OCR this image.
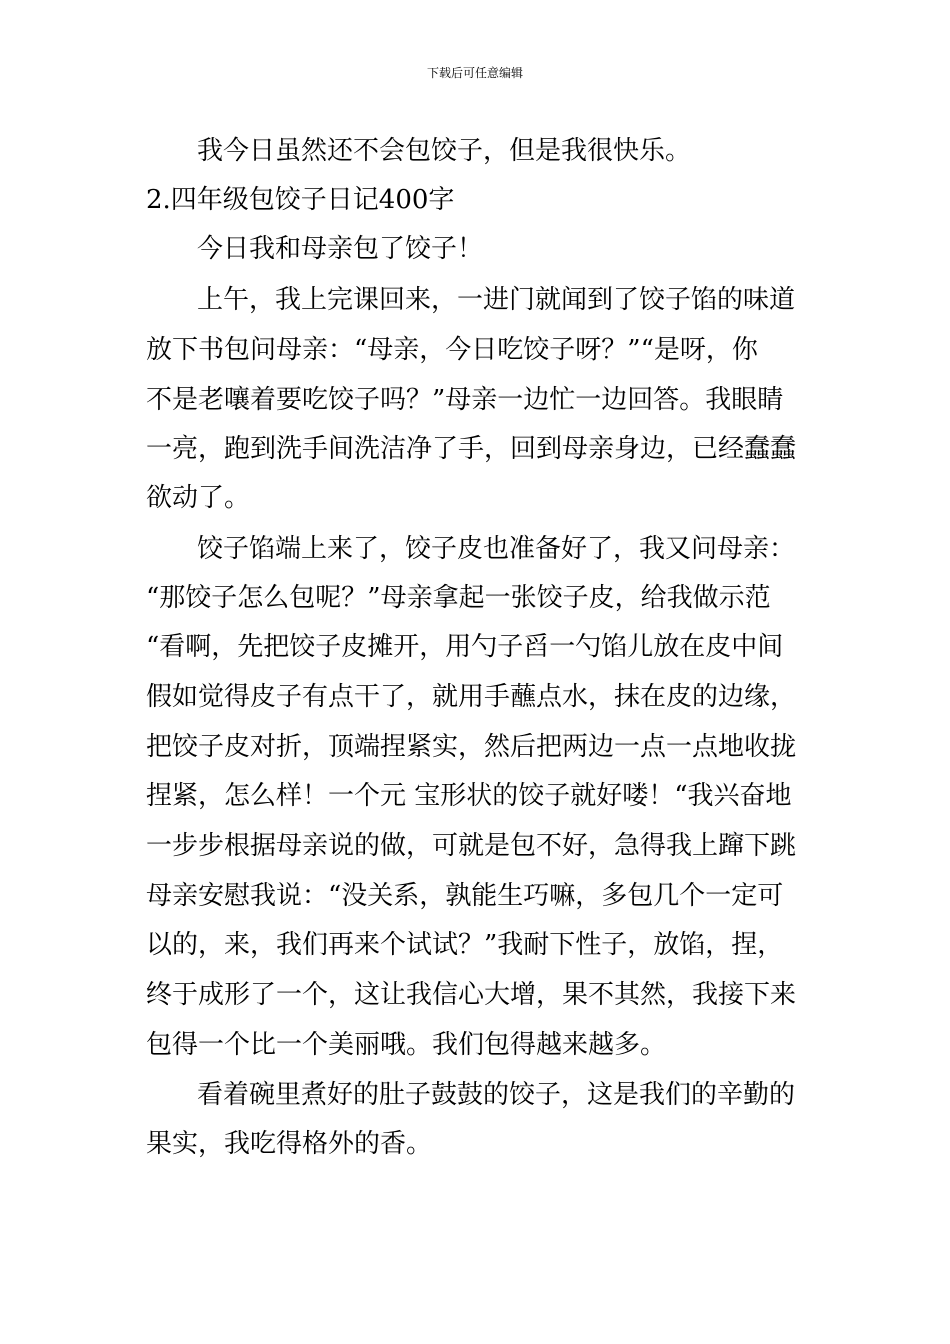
下载后可任意编辑
我今日虽然还不会包饺子，但是我很快乐。
2.四年级包饺子日记400字
今日我和母亲包了饺子！
上午，我上完课回来，一进门就闻到了饺子馅的味道
放下书包问母亲：“母亲，今日吃饺子呀？”“是呀，你
不是老嚷着要吃饺子吗？”母亲一边忙一边回答。我眼睛
一亮，跑到洗手间洗洁净了手，回到母亲身边，已经蠢蠢
欲动了。
饺子馅端上来了，饺子皮也准备好了，我又问母亲：
“那饺子怎么包呢？”母亲拿起一张饺子皮，给我做示范
“看啊，先把饺子皮摊开，用勺子舀一勺馅儿放在皮中间
假如觉得皮子有点干了，就用手蘸点水，抹在皮的边缘，
把饺子皮对折，顶端捏紧实，然后把两边一点一点地收拢
捏紧，怎么样！一个元 宝形状的饺子就好喽！“我兴奋地
一步步根据母亲说的做，可就是包不好，急得我上蹿下跳
母亲安慰我说：“没关系，孰能生巧嘛，多包几个一定可
以的，来，我们再来个试试？”我耐下性子，放馅，捏，
终于成形了一个，这让我信心大增，果不其然，我接下来
包得一个比一个美丽哦。我们包得越来越多。
看着碗里煮好的肚子鼓鼓的饺子，这是我们的辛勤的
果实，我吃得格外的香。
